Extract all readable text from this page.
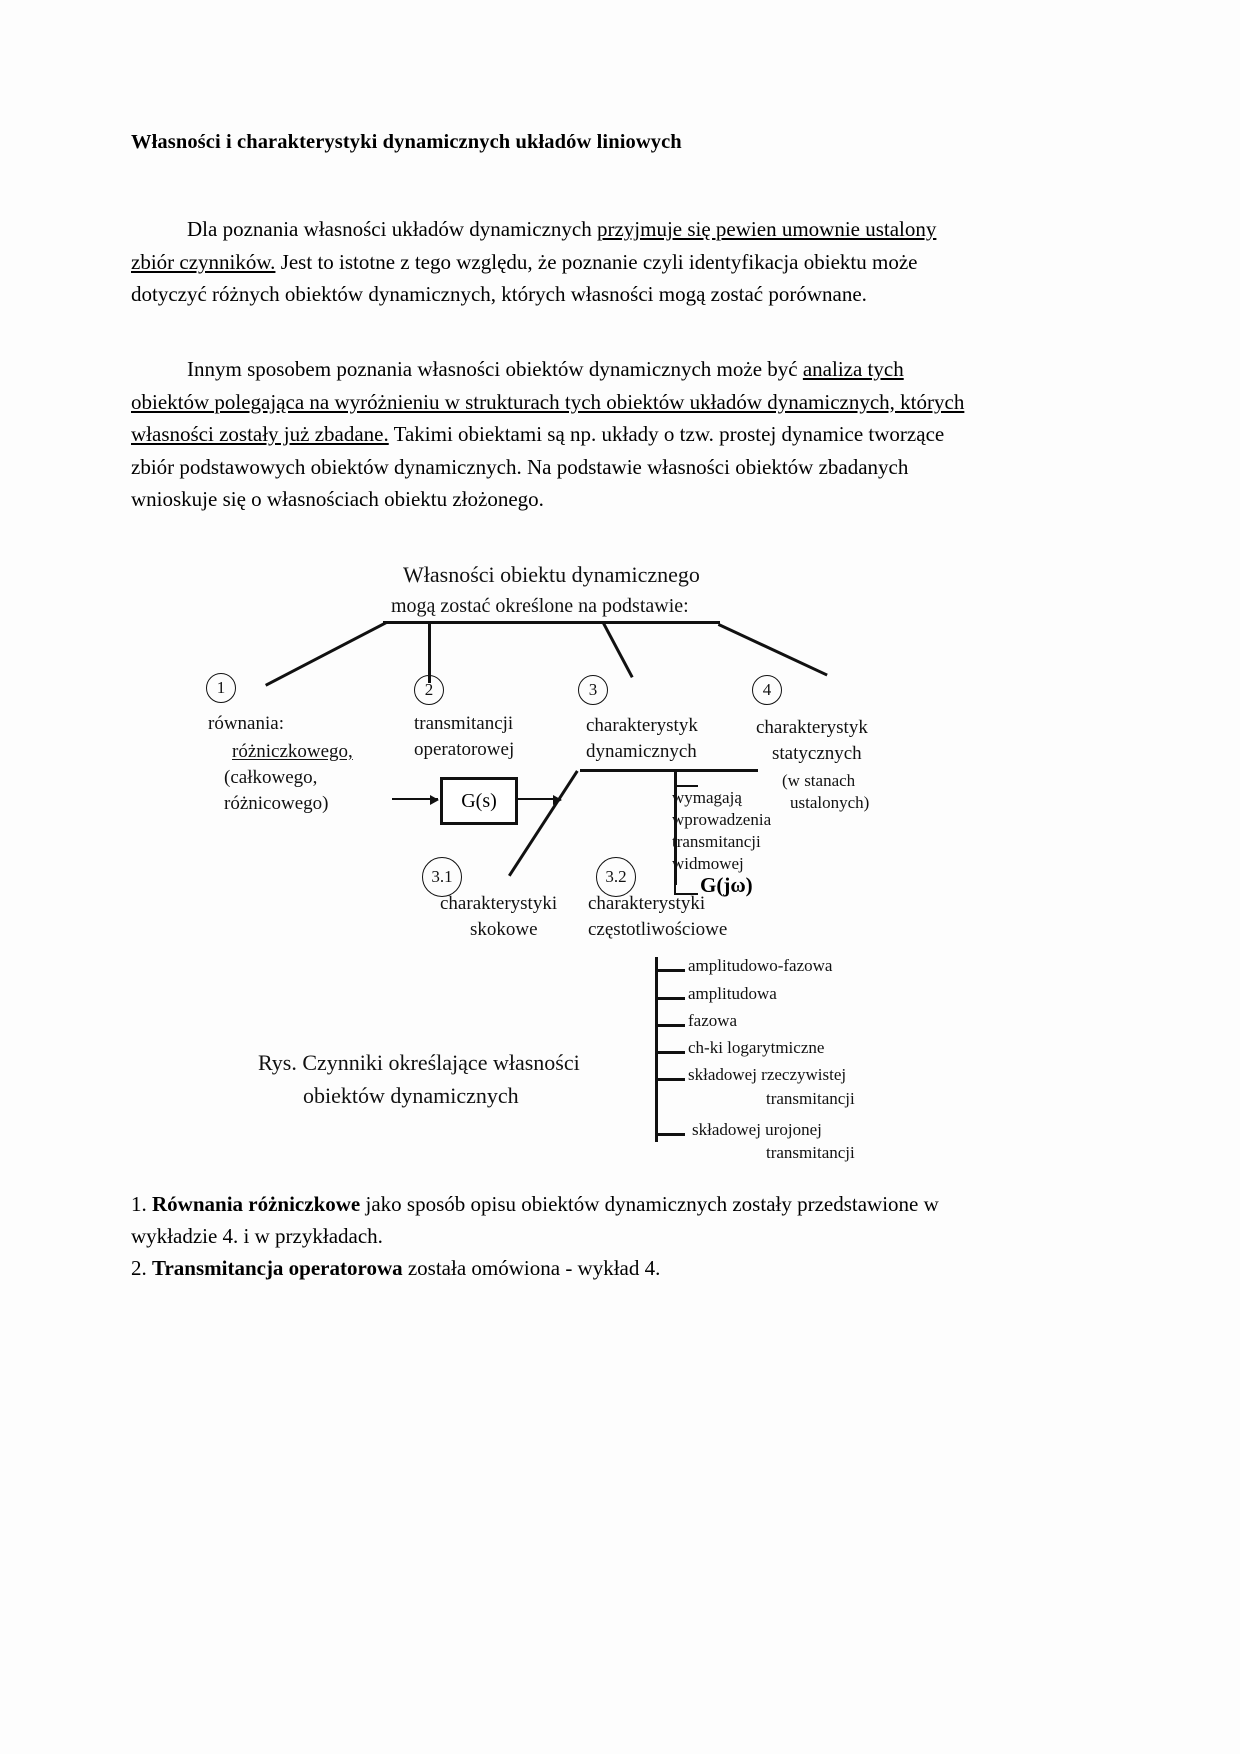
Własności i charakterystyki dynamicznych układów liniowych
Dla poznania własności układów dynamicznych przyjmuje się pewien umownie ustalony zbiór czynników. Jest to istotne z tego względu, że poznanie czyli identyfikacja obiektu może dotyczyć różnych obiektów dynamicznych, których własności mogą zostać porównane.
Innym sposobem poznania własności obiektów dynamicznych może być analiza tych obiektów polegająca na wyróżnieniu w strukturach tych obiektów układów dynamicznych, których własności zostały już zbadane. Takimi obiektami są np. układy o tzw. prostej dynamice tworzące zbiór podstawowych obiektów dynamicznych. Na podstawie własności obiektów zbadanych wnioskuje się o własnościach obiektu złożonego.
Własności obiektu dynamicznego
mogą zostać określone na podstawie:
1
równania:
różniczkowego,
(całkowego,
różnicowego)
2
transmitancji
operatorowej
G(s)
3
charakterystyk
dynamicznych
4
charakterystyk
statycznych
(w stanach
ustalonych)
wymagają
wprowadzenia
transmitancji
widmowej
G(jω)
3.1
charakterystyki
skokowe
3.2
charakterystyki
częstotliwościowe
amplitudowo-fazowa
amplitudowa
fazowa
ch-ki logarytmiczne
składowej rzeczywistej
transmitancji
składowej urojonej
transmitancji
Rys. Czynniki określające własności
obiektów dynamicznych
1. Równania różniczkowe jako sposób opisu obiektów dynamicznych zostały przedstawione w wykładzie 4. i w przykładach.
2. Transmitancja operatorowa została omówiona - wykład 4.
